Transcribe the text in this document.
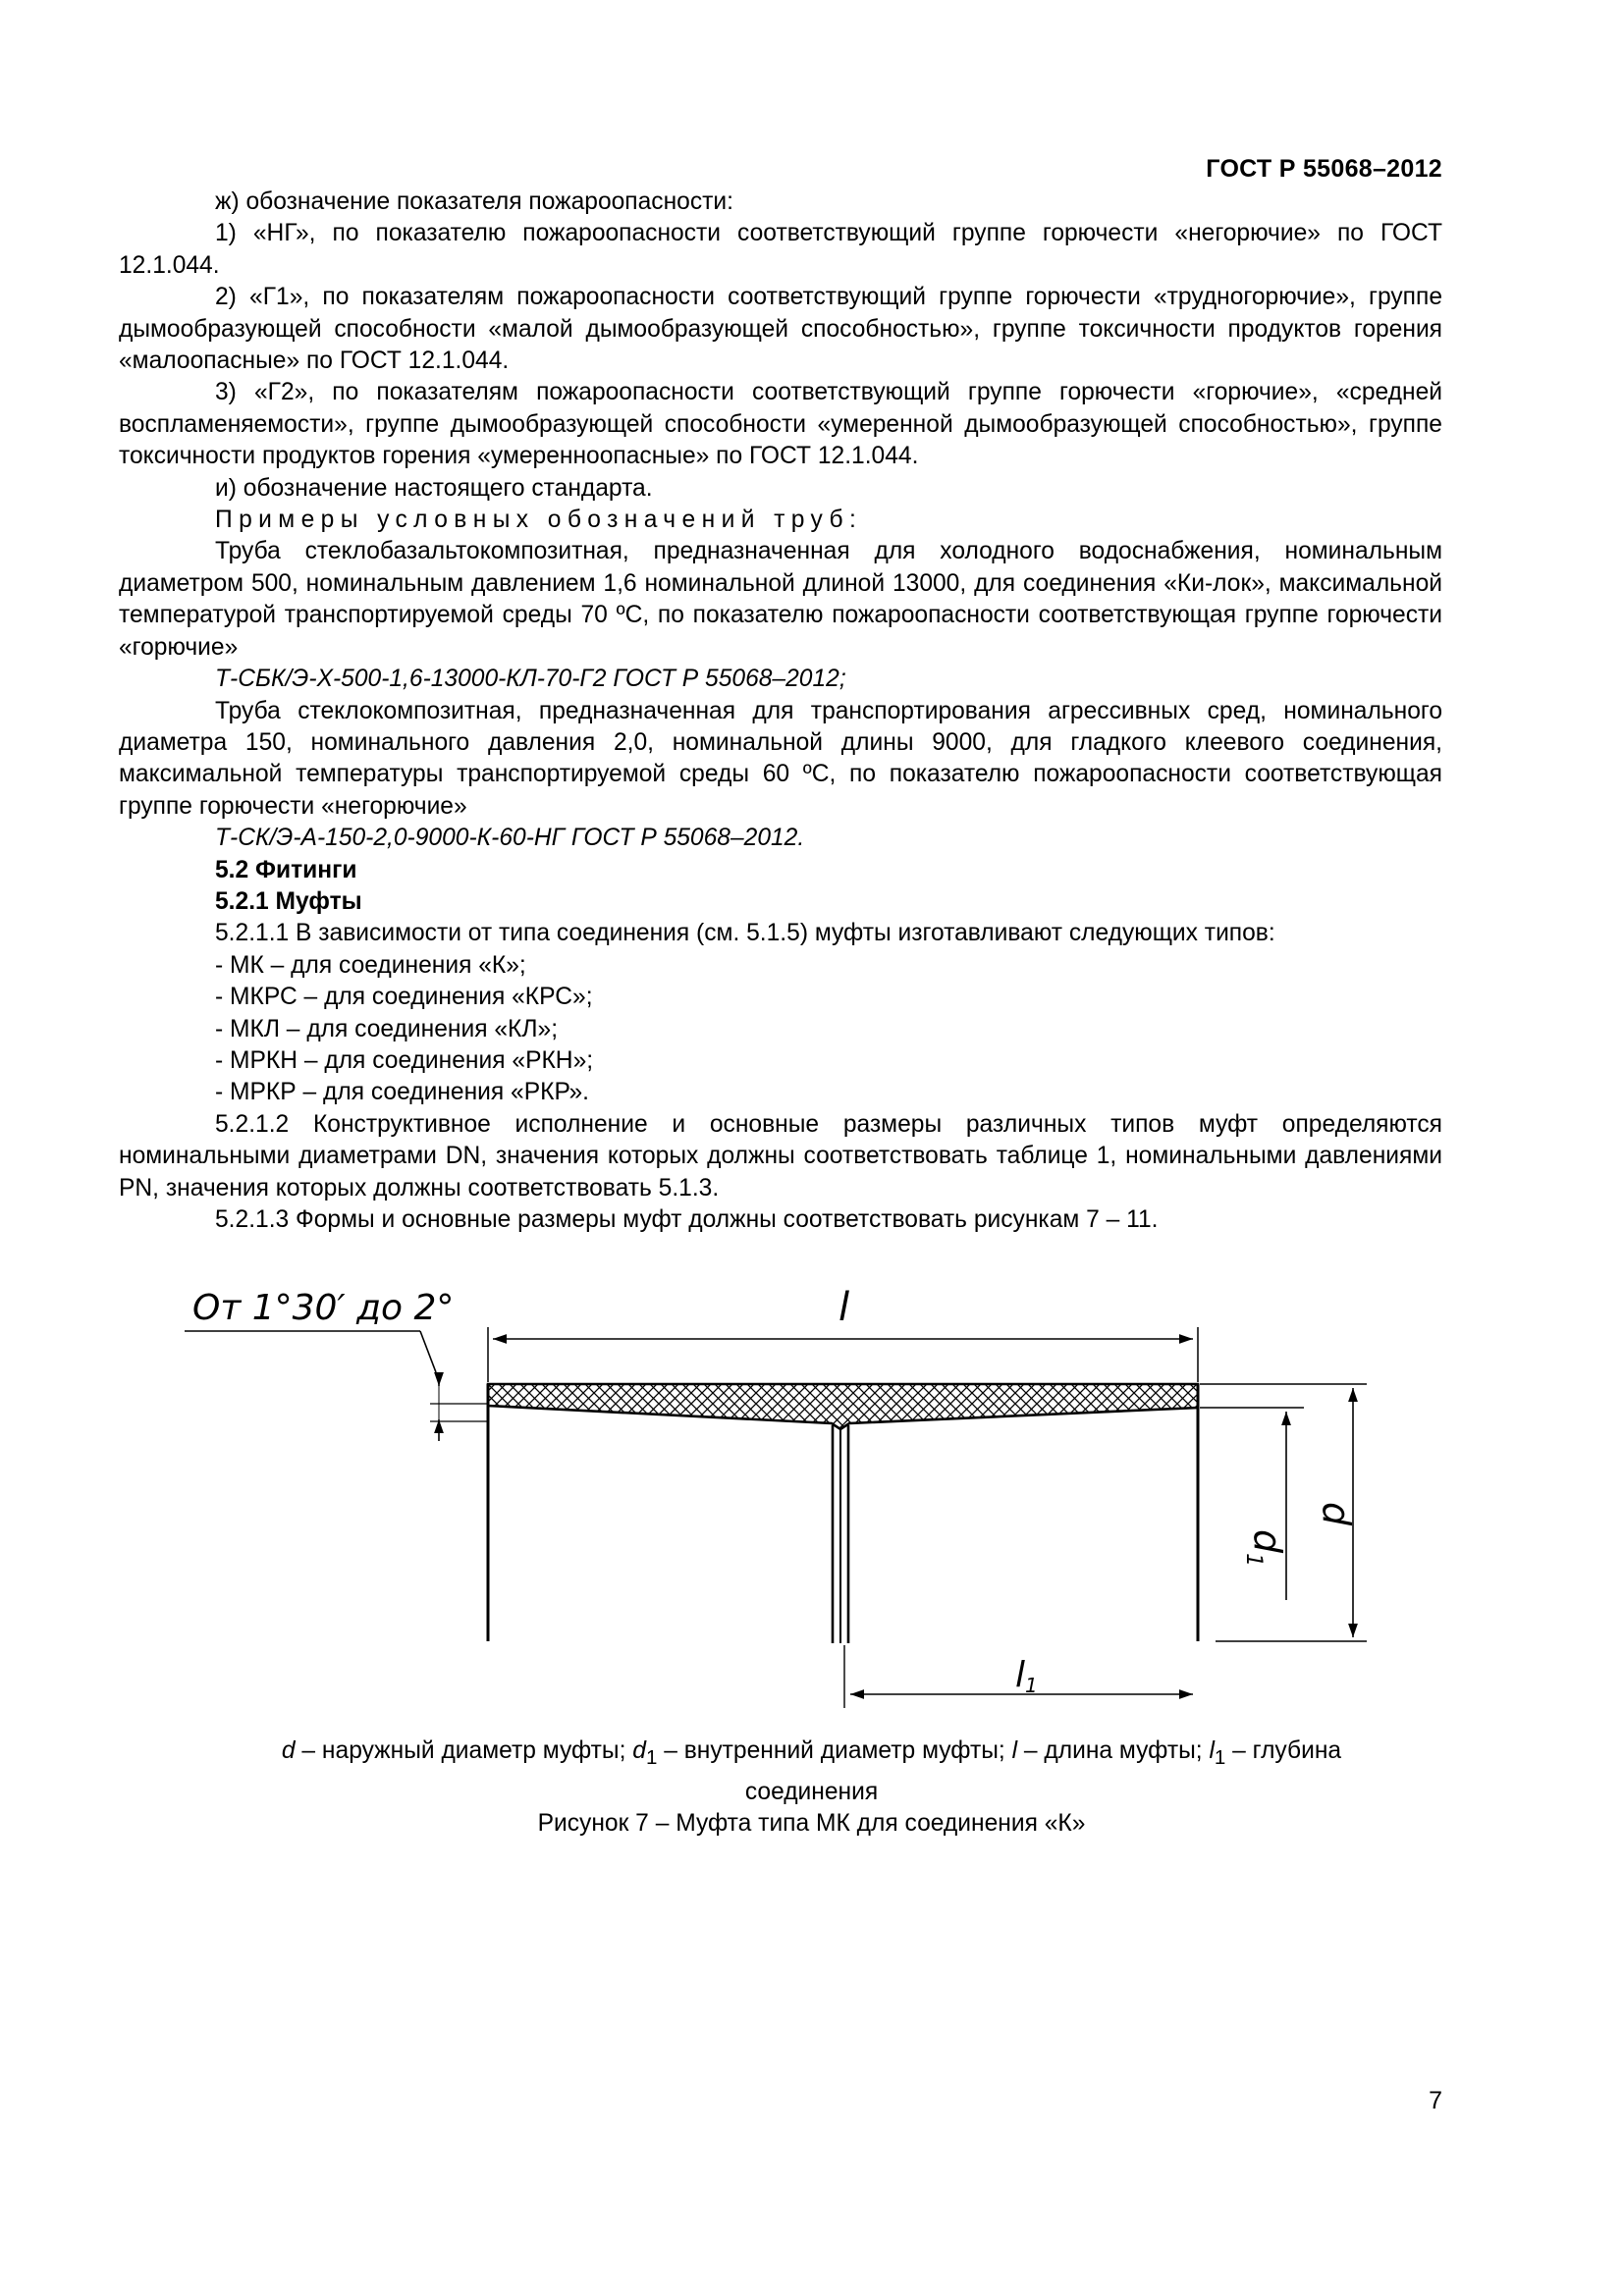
ГОСТ Р 55068–2012

ж) обозначение показателя пожароопасности:

1) «НГ», по показателю пожароопасности соответствующий группе горючести «негорючие» по ГОСТ 12.1.044.

2) «Г1», по показателям пожароопасности соответствующий группе горючести «трудногорючие», группе дымообразующей способности «малой дымообразующей способностью», группе токсичности продуктов горения «малоопасные» по ГОСТ 12.1.044.

3) «Г2», по показателям пожароопасности соответствующий группе горючести «горючие», «средней воспламеняемости», группе дымообразующей способности «умеренной дымообразующей способностью», группе токсичности продуктов горения «умеренноопасные» по ГОСТ 12.1.044.

и) обозначение настоящего стандарта.

Примеры условных обозначений труб:

Труба стеклобазальтокомпозитная, предназначенная для холодного водоснабжения, номинальным диаметром 500, номинальным давлением 1,6 номинальной длиной 13000, для соединения «Ки-лок», максимальной температурой транспортируемой среды 70 ºС, по показателю пожароопасности соответствующая группе горючести «горючие»

Т-СБК/Э-Х-500-1,6-13000-КЛ-70-Г2 ГОСТ Р 55068–2012;

Труба стеклокомпозитная, предназначенная для транспортирования агрессивных сред, номинального диаметра 150, номинального давления 2,0, номинальной длины 9000, для гладкого клеевого соединения, максимальной температуры транспортируемой среды 60 ºС, по показателю пожароопасности соответствующая группе горючести «негорючие»

Т-СК/Э-А-150-2,0-9000-К-60-НГ ГОСТ Р 55068–2012.

5.2 Фитинги

5.2.1 Муфты

5.2.1.1 В зависимости от типа соединения (см. 5.1.5) муфты изготавливают следующих типов:

- МК – для соединения «К»;

- МКРС – для соединения «КРС»;

- МКЛ – для соединения «КЛ»;

- МРКН – для соединения «РКН»;

- МРКР – для соединения «РКР».

5.2.1.2 Конструктивное исполнение и основные размеры различных типов муфт определяются номинальными диаметрами DN, значения которых должны соответствовать таблице 1, номинальными давлениями PN, значения которых должны соответствовать 5.1.3.

5.2.1.3 Формы и основные размеры муфт должны соответствовать рисункам 7 – 11.

От 1°30′ до 2°	l
$d_1$
d
l1
d – наружный диаметр муфты; $d_1$ – внутренний диаметр муфты; l – длина муфты; $l_1$ – глубина
соединения
Рисунок 7 – Муфта типа МК для соединения «К»
7
